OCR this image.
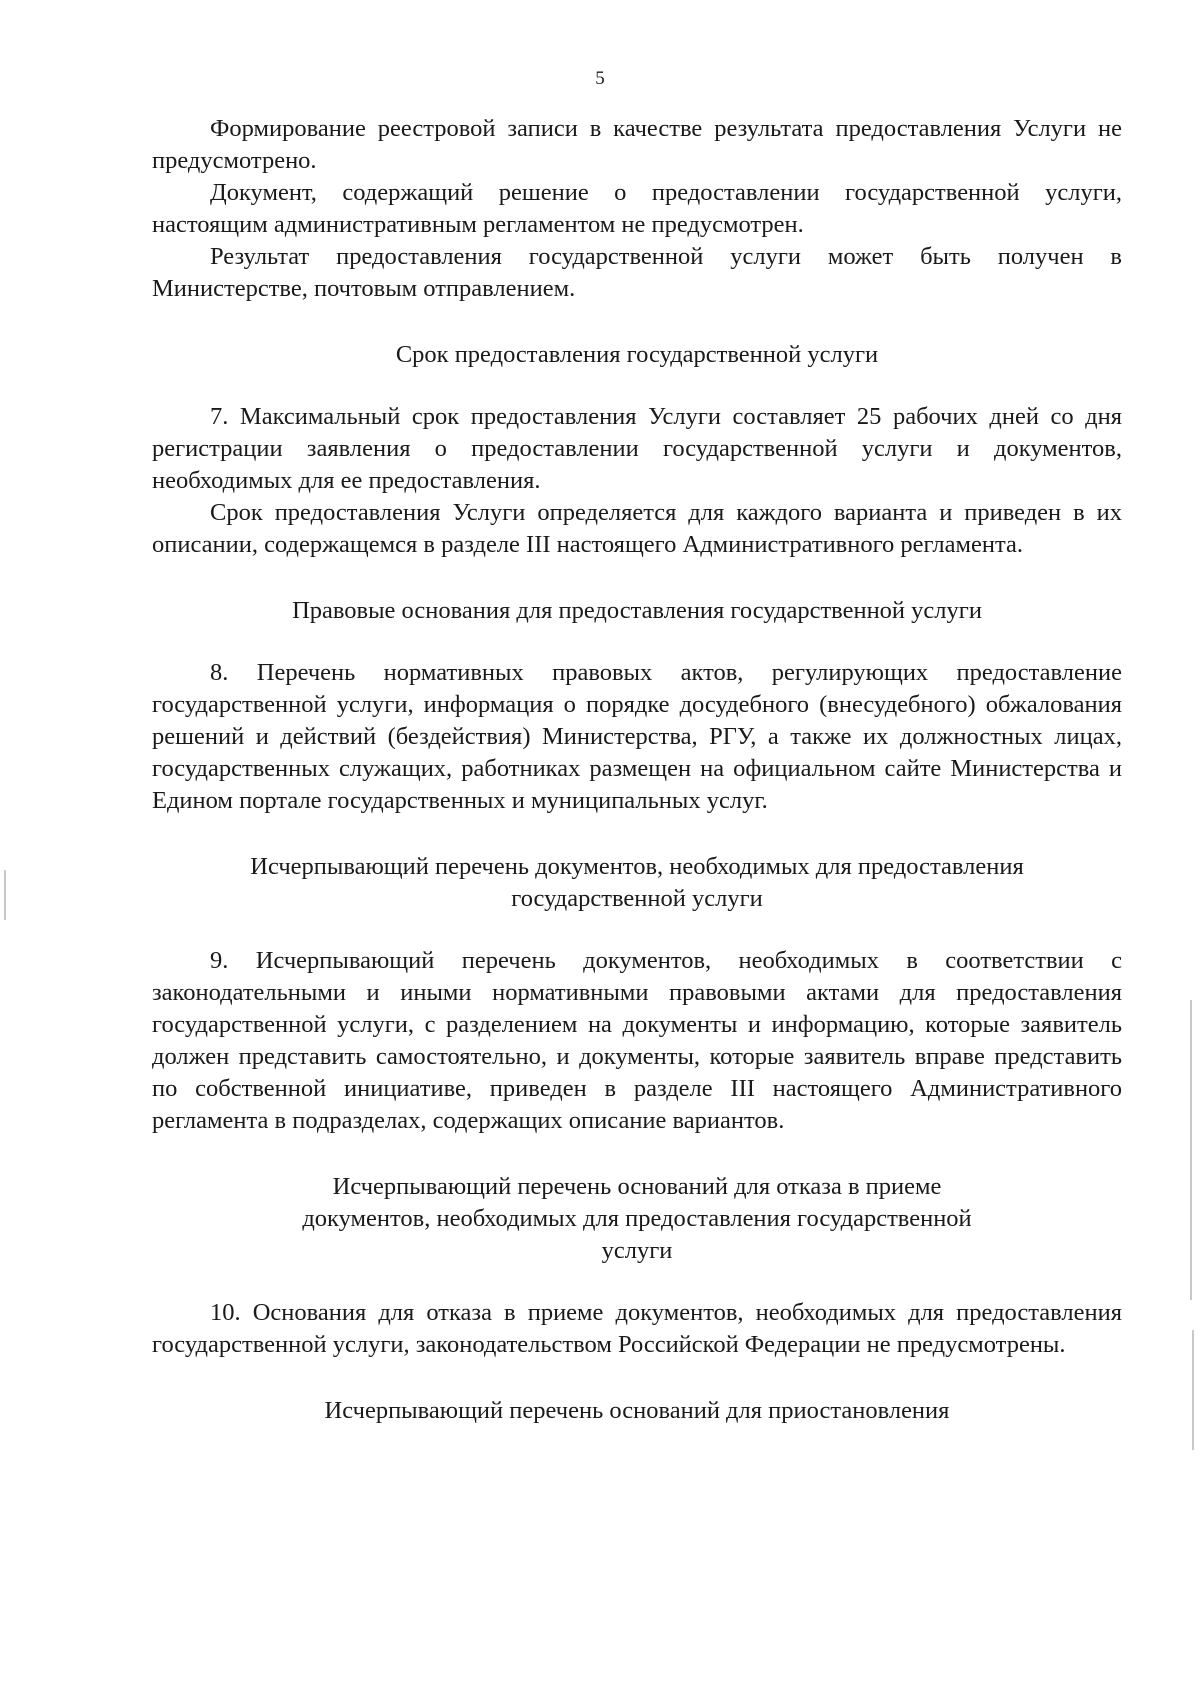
5

Формирование реестровой записи в качестве результата предоставления Услуги не предусмотрено.

Документ, содержащий решение о предоставлении государственной услуги, настоящим административным регламентом не предусмотрен.

Результат предоставления государственной услуги может быть получен в Министерстве, почтовым отправлением.

Срок предоставления государственной услуги

7. Максимальный срок предоставления Услуги составляет 25 рабочих дней со дня регистрации заявления о предоставлении государственной услуги и документов, необходимых для ее предоставления.

Срок предоставления Услуги определяется для каждого варианта и приведен в их описании, содержащемся в разделе III настоящего Административного регламента.

Правовые основания для предоставления государственной услуги

8. Перечень нормативных правовых актов, регулирующих предоставление государственной услуги, информация о порядке досудебного (внесудебного) обжалования решений и действий (бездействия) Министерства, РГУ, а также их должностных лицах, государственных служащих, работниках размещен на официальном сайте Министерства и Едином портале государственных и муниципальных услуг.

Исчерпывающий перечень документов, необходимых для предоставления государственной услуги

9. Исчерпывающий перечень документов, необходимых в соответствии с законодательными и иными нормативными правовыми актами для предоставления государственной услуги, с разделением на документы и информацию, которые заявитель должен представить самостоятельно, и документы, которые заявитель вправе представить по собственной инициативе, приведен в разделе III настоящего Административного регламента в подразделах, содержащих описание вариантов.

Исчерпывающий перечень оснований для отказа в приеме документов, необходимых для предоставления государственной услуги

10. Основания для отказа в приеме документов, необходимых для предоставления государственной услуги, законодательством Российской Федерации не предусмотрены.

Исчерпывающий перечень оснований для приостановления
